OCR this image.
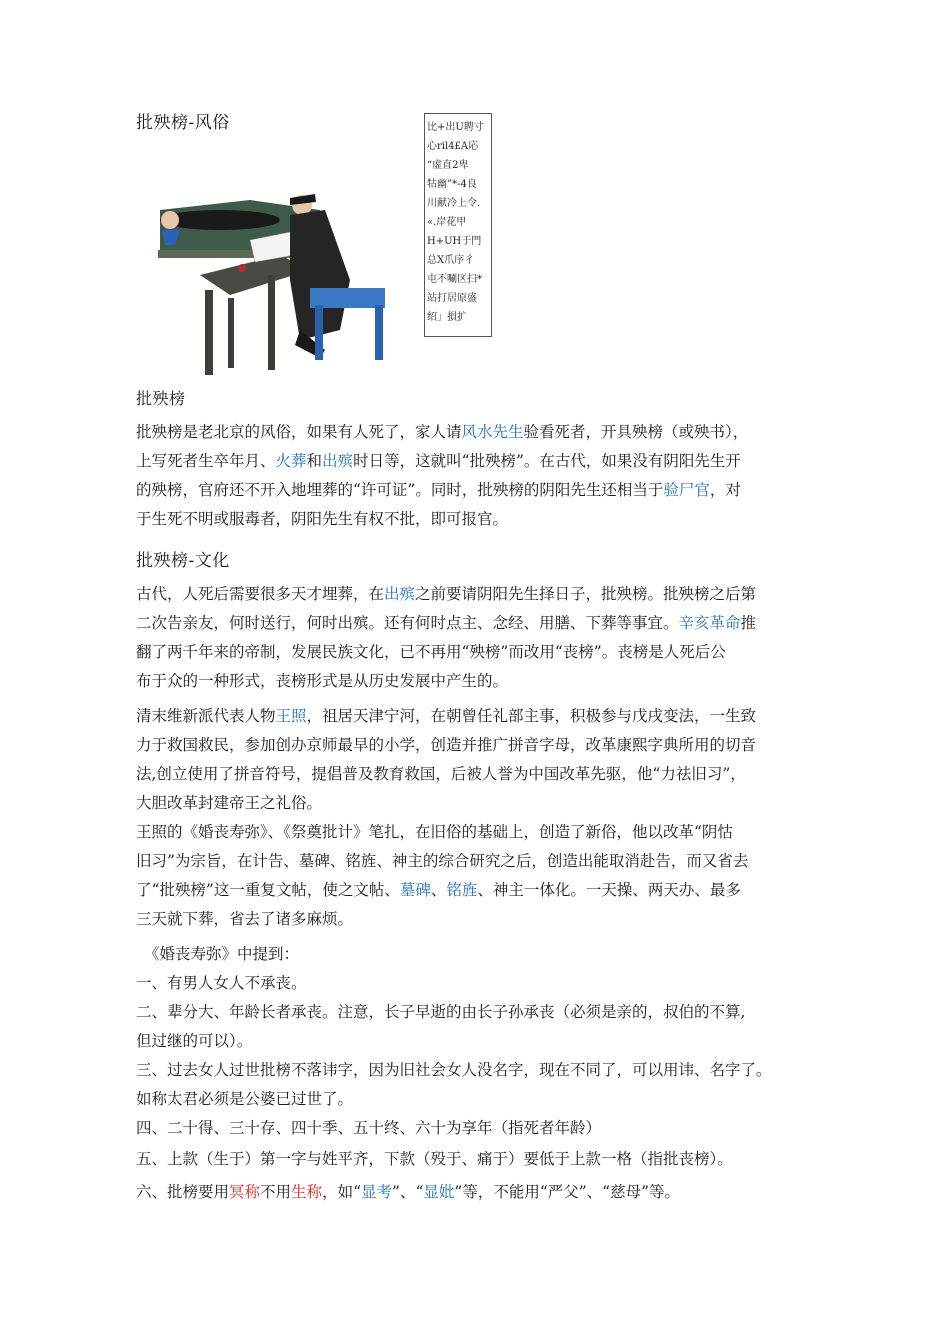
批殃榜-风俗	比+出U聘寸
心ril4£A応
“虚直2卑
牯幽”*-4良
川献冷上令.
«.岸花甲
H+UH于門
总X爪序彳
屯不唰区扫*
站打居原盛
绍」損扩
批殃榜
批殃榜是老北京的风俗，如果有人死了，家人请风水先生验看死者，开具殃榜（或殃书），
上写死者生卒年月、火葬和出殡时日等，这就叫“批殃榜”。在古代，如果没有阴阳先生开
的殃榜，官府还不开入地埋葬的“许可证”。同时，批殃榜的阴阳先生还相当于验尸官，对
于生死不明或服毒者，阴阳先生有权不批，即可报官。
批殃榜-文化
古代，人死后需要很多天才埋葬，在出殡之前要请阴阳先生择日子，批殃榜。批殃榜之后第
二次告亲友，何时送行，何时出殡。还有何时点主、念经、用膳、下葬等事宜。辛亥革命推
翻了两千年来的帝制，发展民族文化，已不再用“殃榜”而改用“丧榜”。丧榜是人死后公
布于众的一种形式，丧榜形式是从历史发展中产生的。
清末维新派代表人物王照，祖居天津宁河，在朝曾任礼部主事，积极参与戊戌变法，一生致
力于救国救民，参加创办京师最早的小学，创造并推广拼音字母，改革康熙字典所用的切音
法,创立使用了拼音符号，提倡普及教育救国，后被人誉为中国改革先驱，他“力祛旧习”，
大胆改革封建帝王之礼俗。
王照的《婚丧寿弥》、《祭奠批计》笔扎，在旧俗的基础上，创造了新俗，他以改革“阴怙
旧习”为宗旨，在计告、墓碑、铭旌、神主的综合研究之后，创造出能取消赴告，而又省去
了“批殃榜”这一重复文帖，使之文帖、墓碑、铭旌、神主一体化。一天操、两天办、最多
三天就下葬，省去了诸多麻烦。
《婚丧寿弥》中提到：
一、有男人女人不承丧。
二、辈分大、年龄长者承丧。注意，长子早逝的由长子孙承丧（必须是亲的，叔伯的不算,
但过继的可以）。
三、过去女人过世批榜不落讳字，因为旧社会女人没名字，现在不同了，可以用讳、名字了。
如称太君必须是公婆已过世了。
四、二十得、三十存、四十季、五十终、六十为享年（指死者年龄）
五、上款（生于）第一字与姓平齐，下款（殁于、痛于）要低于上款一格（指批丧榜）。
六、批榜要用冥称不用生称，如“显考”、“显妣”等，不能用“严父”、“慈母”等。
